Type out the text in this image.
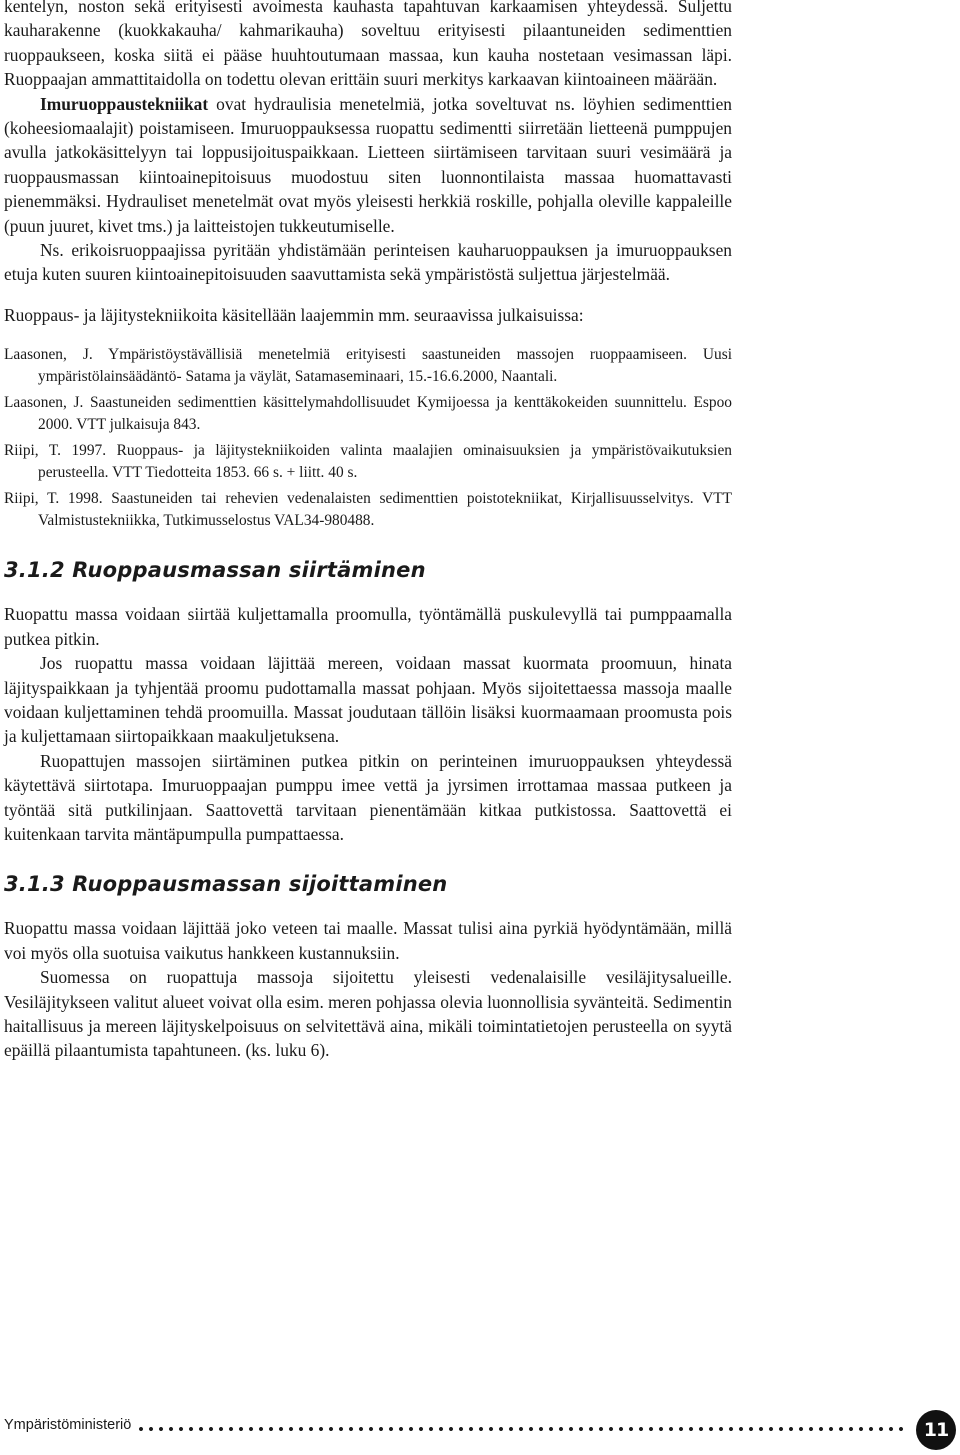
kentelyn, noston sekä erityisesti avoimesta kauhasta tapahtuvan karkaamisen yhteydessä. Suljettu kauharakenne (kuokkakauha/ kahmarikauha) soveltuu erityisesti pilaantuneiden sedimenttien ruoppaukseen, koska siitä ei pääse huuhtoutumaan massaa, kun kauha nostetaan vesimassan läpi. Ruoppaajan ammattitaidolla on todettu olevan erittäin suuri merkitys karkaavan kiintoaineen määrään.

Imuruoppaustekniikat ovat hydraulisia menetelmiä, jotka soveltuvat ns. löyhien sedimenttien (koheesiomaalajit) poistamiseen. Imuruoppauksessa ruopattu sedimentti siirretään lietteenä pumppujen avulla jatkokäsittelyyn tai loppusijoituspaikkaan. Lietteen siirtämiseen tarvitaan suuri vesimäärä ja ruoppausmassan kiintoainepitoisuus muodostuu siten luonnontilaista massaa huomattavasti pienemmäksi. Hydrauliset menetelmät ovat myös yleisesti herkkiä roskille, pohjalla oleville kappaleille (puun juuret, kivet tms.) ja laitteistojen tukkeutumiselle.

Ns. erikoisruoppaajissa pyritään yhdistämään perinteisen kauharuoppauksen ja imuruoppauksen etuja kuten suuren kiintoainepitoisuuden saavuttamista sekä ympäristöstä suljettua järjestelmää.

Ruoppaus- ja läjitystekniikoita käsitellään laajemmin mm. seuraavissa julkaisuissa:

Laasonen, J. Ympäristöystävällisiä menetelmiä erityisesti saastuneiden massojen ruoppaamiseen. Uusi ympäristölainsäädäntö- Satama ja väylät, Satamaseminaari, 15.-16.6.2000, Naantali.
Laasonen, J. Saastuneiden sedimenttien käsittelymahdollisuudet Kymijoessa ja kenttäkokeiden suunnittelu. Espoo 2000. VTT julkaisuja 843.
Riipi, T. 1997. Ruoppaus- ja läjitystekniikoiden valinta maalajien ominaisuuksien ja ympäristövaikutuksien perusteella. VTT Tiedotteita 1853. 66 s. + liitt. 40 s.
Riipi, T. 1998. Saastuneiden tai rehevien vedenalaisten sedimenttien poistotekniikat, Kirjallisuusselvitys. VTT Valmistustekniikka, Tutkimusselostus VAL34-980488.
3.1.2 Ruoppausmassan siirtäminen

Ruopattu massa voidaan siirtää kuljettamalla proomulla, työntämällä puskulevyllä tai pumppaamalla putkea pitkin.

Jos ruopattu massa voidaan läjittää mereen, voidaan massat kuormata proomuun, hinata läjityspaikkaan ja tyhjentää proomu pudottamalla massat pohjaan. Myös sijoitettaessa massoja maalle voidaan kuljettaminen tehdä proomuilla. Massat joudutaan tällöin lisäksi kuormaamaan proomusta pois ja kuljettamaan siirtopaikkaan maakuljetuksena.

Ruopattujen massojen siirtäminen putkea pitkin on perinteinen imuruoppauksen yhteydessä käytettävä siirtotapa. Imuruoppaajan pumppu imee vettä ja jyrsimen irrottamaa massaa putkeen ja työntää sitä putkilinjaan. Saattovettä tarvitaan pienentämään kitkaa putkistossa. Saattovettä ei kuitenkaan tarvita mäntäpumpulla pumpattaessa.

3.1.3 Ruoppausmassan sijoittaminen

Ruopattu massa voidaan läjittää joko veteen tai maalle. Massat tulisi aina pyrkiä hyödyntämään, millä voi myös olla suotuisa vaikutus hankkeen kustannuksiin.

Suomessa on ruopattuja massoja sijoitettu yleisesti vedenalaisille vesiläjitysalueille. Vesiläjitykseen valitut alueet voivat olla esim. meren pohjassa olevia luonnollisia syvänteitä. Sedimentin haitallisuus ja mereen läjityskelpoisuus on selvitettävä aina, mikäli toimintatietojen perusteella on syytä epäillä pilaantumista tapahtuneen. (ks. luku 6).

Ympäristöministeriö	11
